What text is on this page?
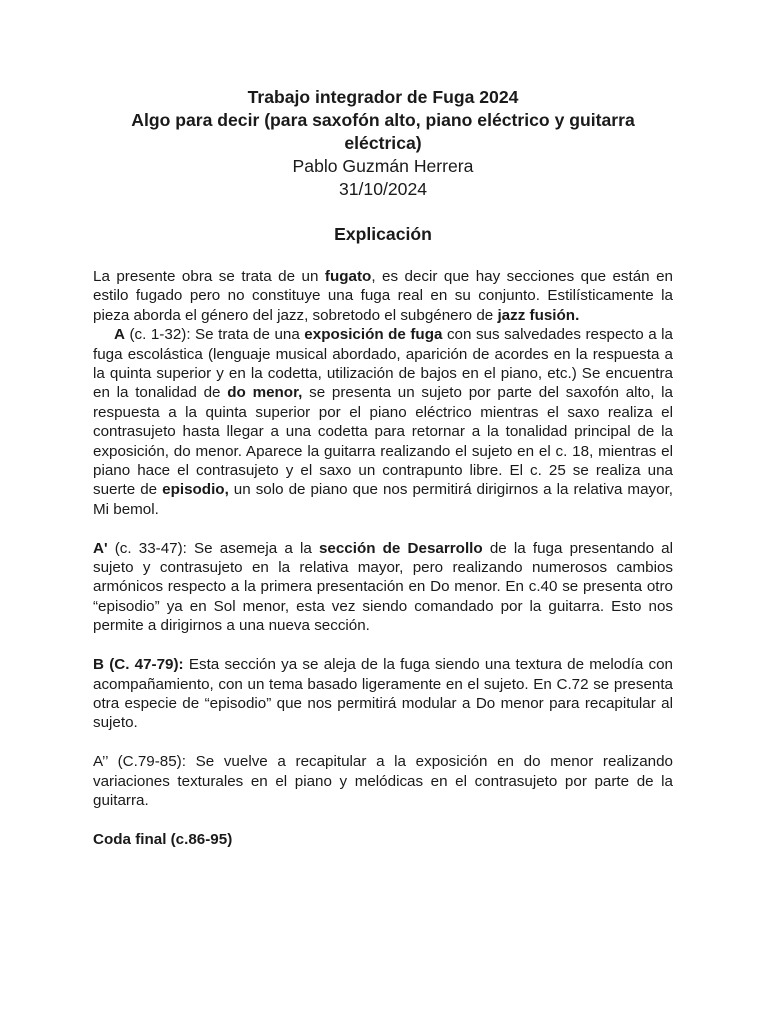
Trabajo integrador de Fuga 2024
Algo para decir (para saxofón alto, piano eléctrico y guitarra eléctrica)
Pablo Guzmán Herrera
31/10/2024
Explicación

La presente obra se trata de un fugato, es decir que hay secciones que están en estilo fugado pero no constituye una fuga real en su conjunto. Estilísticamente la pieza aborda el género del jazz, sobretodo el subgénero de jazz fusión.

A (c. 1-32): Se trata de una exposición de fuga con sus salvedades respecto a la fuga escolástica (lenguaje musical abordado, aparición de acordes en la respuesta a la quinta superior y en la codetta, utilización de bajos en el piano, etc.) Se encuentra en la tonalidad de do menor, se presenta un sujeto por parte del saxofón alto, la respuesta a la quinta superior por el piano eléctrico mientras el saxo realiza el contrasujeto hasta llegar a una codetta para retornar a la tonalidad principal de la exposición, do menor. Aparece la guitarra realizando el sujeto en el c. 18, mientras el piano hace el contrasujeto y el saxo un contrapunto libre. El c. 25 se realiza una suerte de episodio, un solo de piano que nos permitirá dirigirnos a la relativa mayor, Mi bemol.

A' (c. 33-47): Se asemeja a la sección de Desarrollo de la fuga presentando al sujeto y contrasujeto en la relativa mayor, pero realizando numerosos cambios armónicos respecto a la primera presentación en Do menor. En c.40 se presenta otro “episodio” ya en Sol menor, esta vez siendo comandado por la guitarra. Esto nos permite a dirigirnos a una nueva sección.

B (C. 47-79): Esta sección ya se aleja de la fuga siendo una textura de melodía con acompañamiento, con un tema basado ligeramente en el sujeto. En C.72 se presenta otra especie de “episodio” que nos permitirá modular a Do menor para recapitular al sujeto.

A’’ (C.79-85): Se vuelve a recapitular a la exposición en do menor realizando variaciones texturales en el piano y melódicas en el contrasujeto por parte de la guitarra.

Coda final (c.86-95)
